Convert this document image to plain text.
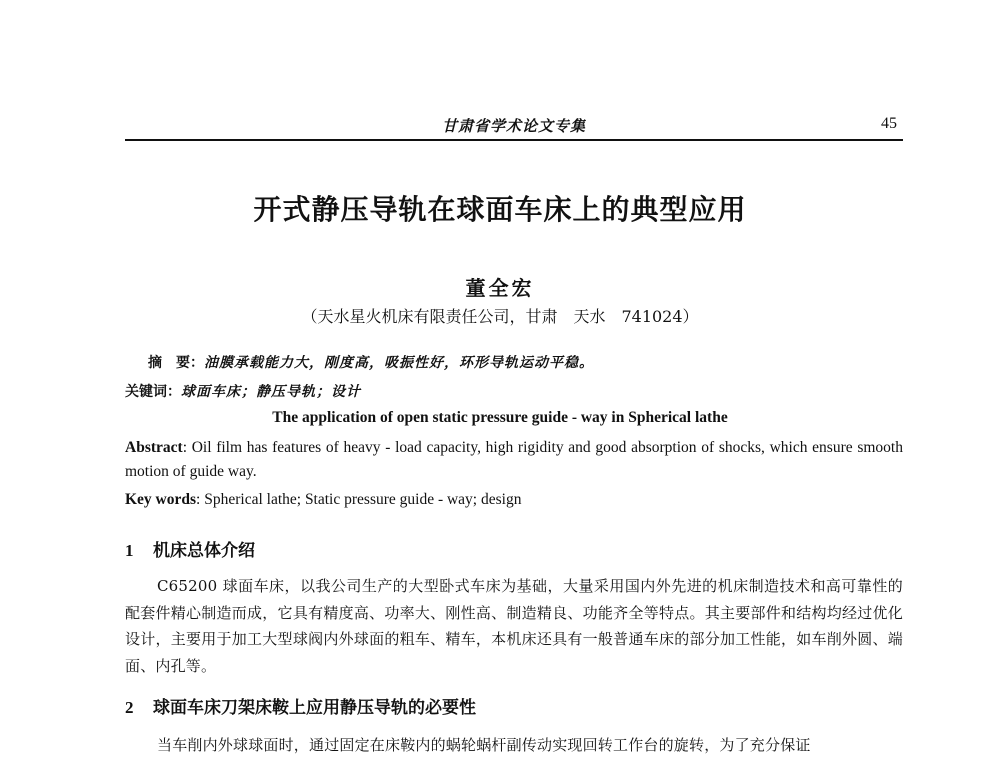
甘肃省学术论文专集	45
开式静压导轨在球面车床上的典型应用
董全宏
（天水星火机床有限责任公司，甘肃　天水　741024）
摘　要：油膜承载能力大，刚度高，吸振性好，环形导轨运动平稳。
关键词：球面车床；静压导轨；设计
The application of open static pressure guide - way in Spherical lathe
Abstract: Oil film has features of heavy - load capacity, high rigidity and good absorption of shocks, which ensure smooth motion of guide way.
Key words: Spherical lathe; Static pressure guide - way; design
1 机床总体介绍
C65200 球面车床，以我公司生产的大型卧式车床为基础，大量采用国内外先进的机床制造技术和高可靠性的配套件精心制造而成，它具有精度高、功率大、刚性高、制造精良、功能齐全等特点。其主要部件和结构均经过优化设计，主要用于加工大型球阀内外球面的粗车、精车，本机床还具有一般普通车床的部分加工性能，如车削外圆、端面、内孔等。
2 球面车床刀架床鞍上应用静压导轨的必要性
当车削内外球球面时，通过固定在床鞍内的蜗轮蜗杆副传动实现回转工作台的旋转，为了充分保证
